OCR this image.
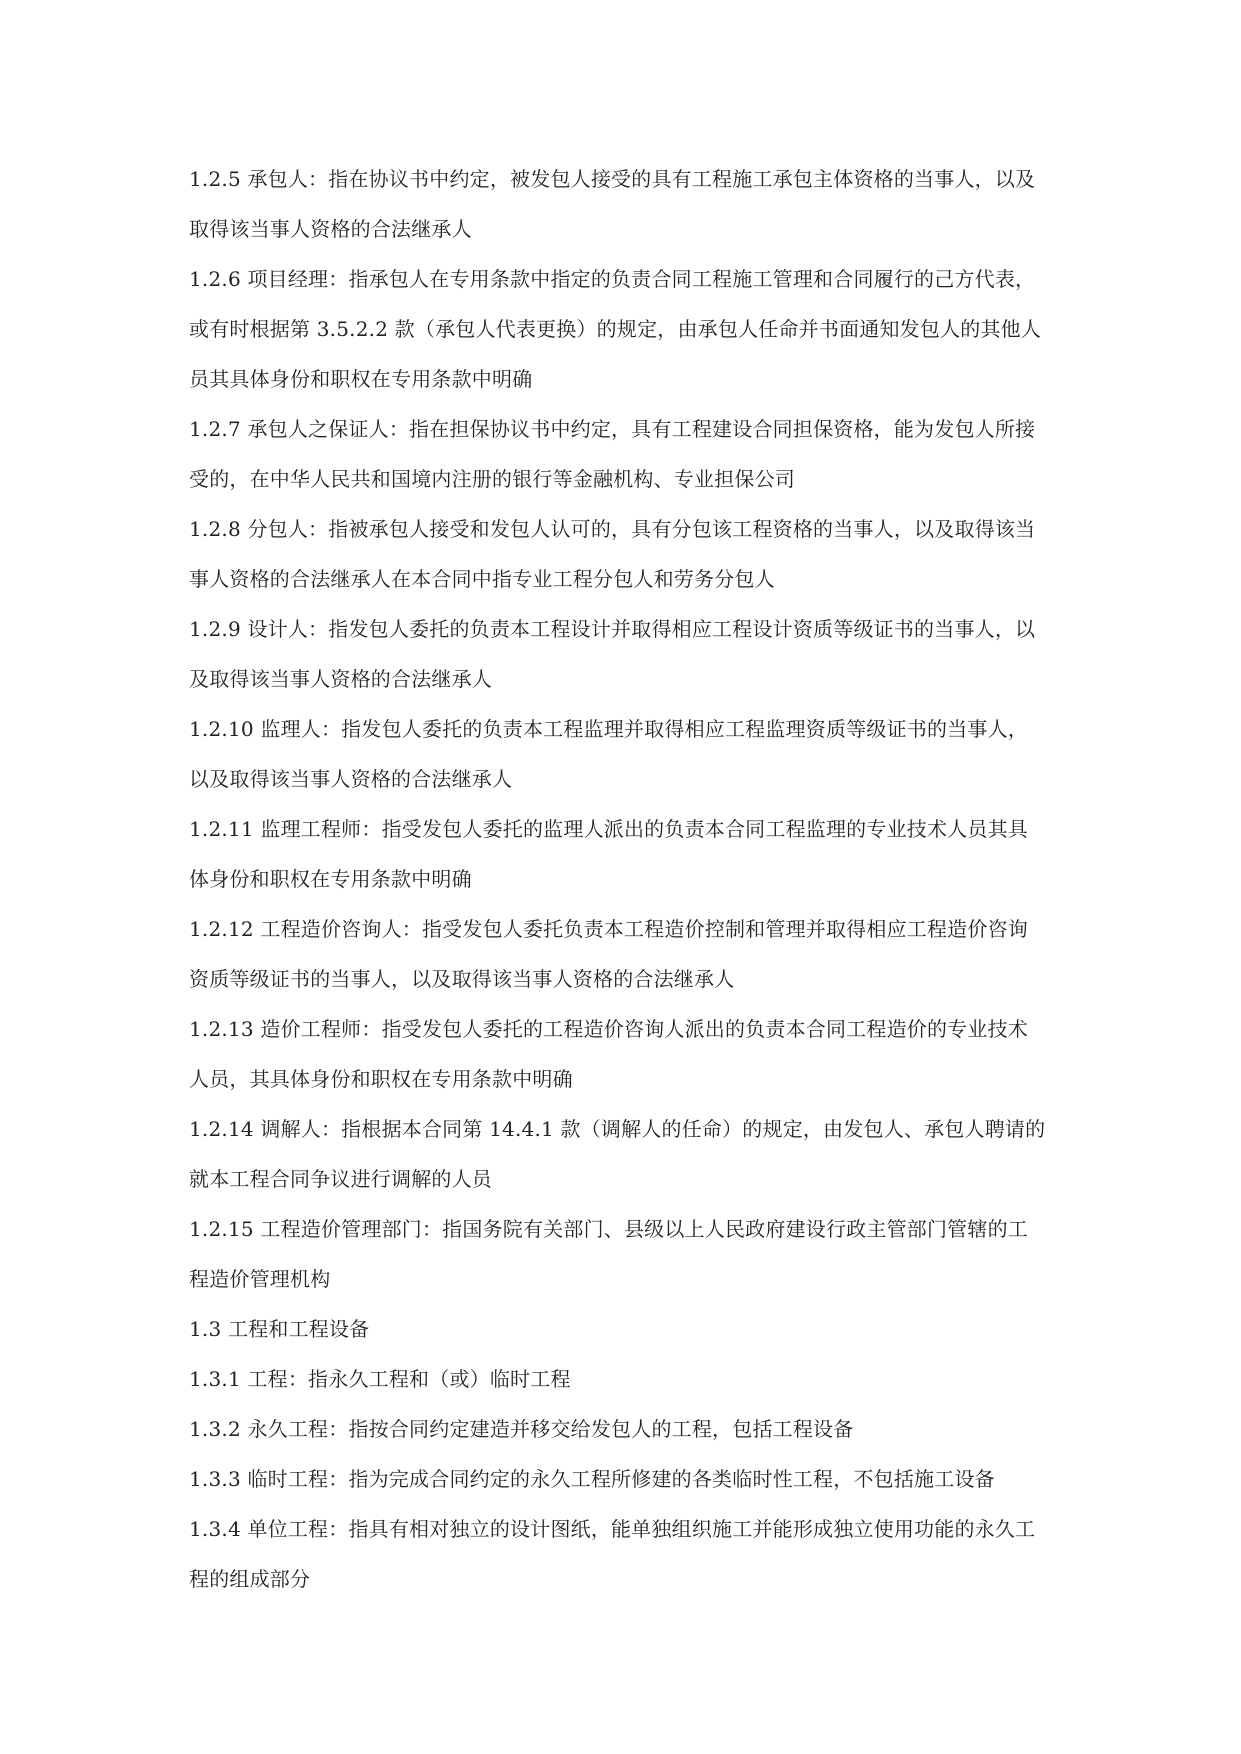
1.2.5 承包人：指在协议书中约定，被发包人接受的具有工程施工承包主体资格的当事人，以及
取得该当事人资格的合法继承人
1.2.6 项目经理：指承包人在专用条款中指定的负责合同工程施工管理和合同履行的己方代表，
或有时根据第 3.5.2.2 款（承包人代表更换）的规定，由承包人任命并书面通知发包人的其他人
员其具体身份和职权在专用条款中明确
1.2.7 承包人之保证人：指在担保协议书中约定，具有工程建设合同担保资格，能为发包人所接
受的，在中华人民共和国境内注册的银行等金融机构、专业担保公司
1.2.8 分包人：指被承包人接受和发包人认可的，具有分包该工程资格的当事人，以及取得该当
事人资格的合法继承人在本合同中指专业工程分包人和劳务分包人
1.2.9 设计人：指发包人委托的负责本工程设计并取得相应工程设计资质等级证书的当事人，以
及取得该当事人资格的合法继承人
1.2.10 监理人：指发包人委托的负责本工程监理并取得相应工程监理资质等级证书的当事人，
以及取得该当事人资格的合法继承人
1.2.11 监理工程师：指受发包人委托的监理人派出的负责本合同工程监理的专业技术人员其具
体身份和职权在专用条款中明确
1.2.12 工程造价咨询人：指受发包人委托负责本工程造价控制和管理并取得相应工程造价咨询
资质等级证书的当事人，以及取得该当事人资格的合法继承人
1.2.13 造价工程师：指受发包人委托的工程造价咨询人派出的负责本合同工程造价的专业技术
人员，其具体身份和职权在专用条款中明确
1.2.14 调解人：指根据本合同第 14.4.1 款（调解人的任命）的规定，由发包人、承包人聘请的
就本工程合同争议进行调解的人员
1.2.15 工程造价管理部门：指国务院有关部门、县级以上人民政府建设行政主管部门管辖的工
程造价管理机构
1.3 工程和工程设备
1.3.1 工程：指永久工程和（或）临时工程
1.3.2 永久工程：指按合同约定建造并移交给发包人的工程，包括工程设备
1.3.3 临时工程：指为完成合同约定的永久工程所修建的各类临时性工程，不包括施工设备
1.3.4 单位工程：指具有相对独立的设计图纸，能单独组织施工并能形成独立使用功能的永久工
程的组成部分
